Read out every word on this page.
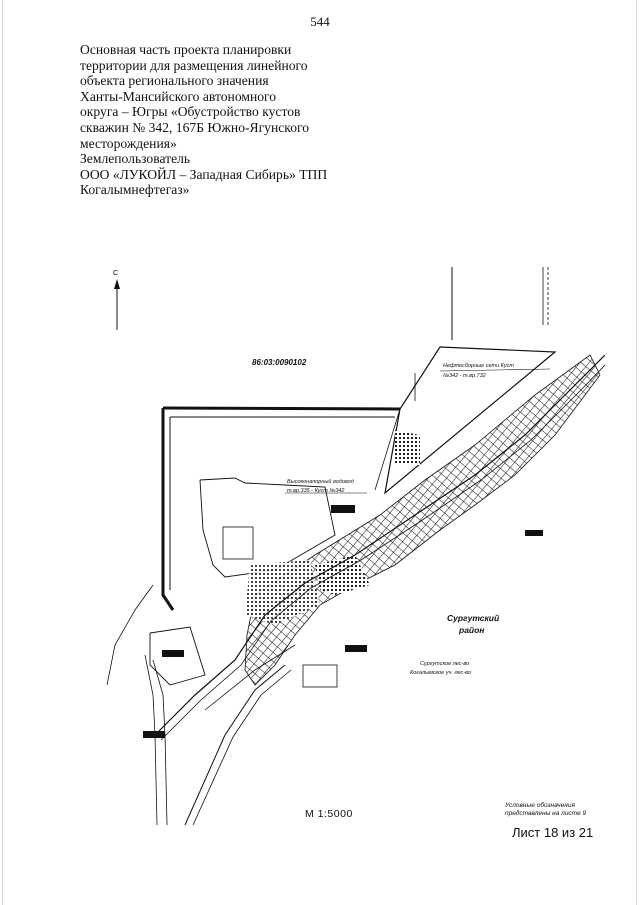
544
Основная часть проекта планировки
территории для размещения линейного
объекта регионального значения
Ханты-Мансийского автономного
округа – Югры «Обустройство кустов
скважин № 342, 167Б Южно-Ягунского
месторождения»
Землепользователь
ООО «ЛУКОЙЛ – Западная Сибирь» ТПП
Когалымнефтегаз»
С
86:03:0090102	Нефтесборные сети Куст
№342 - т.вр.732
Высоконапорный водовод
т.вр.335 - Куст №342
Сургутский
район
Сургутское лес-во
Когалымское уч. лес-во
М 1:5000
Условные обозначения
представлены на листе 9
Лист 18 из 21
